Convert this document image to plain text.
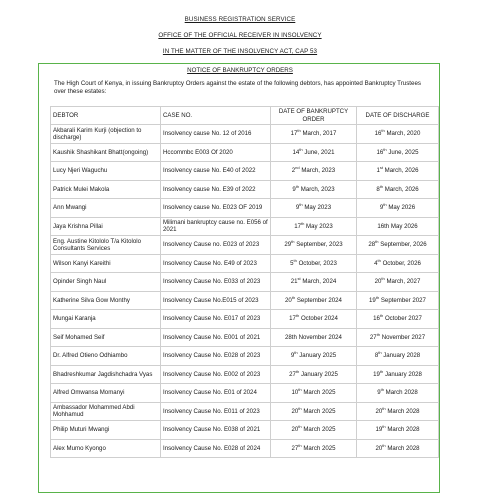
BUSINESS REGISTRATION SERVICE
OFFICE OF THE OFFICIAL RECEIVER IN INSOLVENCY
IN THE MATTER OF THE INSOLVENCY ACT, CAP 53
NOTICE OF BANKRUPTCY ORDERS
The High Court of Kenya, in issuing Bankruptcy Orders against the estate of the following debtors, has appointed Bankruptcy Trustees over these estates:
DEBTOR	CASE NO.	DATE OF BANKRUPTCY ORDER	DATE OF DISCHARGE
Akbarali Karim Kurji (objection to discharge)	Insolvency cause No. 12 of 2016	17th March, 2017	16th March, 2020
Kaushik Shashikant Bhatt(ongoing)	Hccommbc E003 Of 2020	14th June, 2021	16th June, 2025
Lucy Njeri Waguchu	Insolvency cause No. E40 of 2022	2nd March, 2023	1st March, 2026
Patrick Mulei Makola	Insolvency cause No. E39 of 2022	9th March, 2023	8th March, 2026
Ann Mwangi	Insolvency cause No. E023 OF 2019	9th May 2023	9th May 2026
Jaya Krishna Pillai	Milimani bankruptcy cause no. E056 of 2021	17th May 2023	16th May 2026
Eng. Austine Kitololo T/a Kitololo Consultants Services	Insolvency Cause no. E023 of 2023	29th September, 2023	28th September, 2026
Wilson Kanyi Kareithi	Insolvency Cause No. E49 of 2023	5th October, 2023	4th October, 2026
Opinder Singh Naul	Insolvency Cause No. E033 of 2023	21st March, 2024	20th March, 2027
Katherine Silva Gow Monthy	Insolvency Cause No.E015 of 2023	20th September 2024	19th September 2027
Mungai Karanja	Insolvency Cause No. E017 of 2023	17th October 2024	16th October 2027
Seif Mohamed Seif	Insolvency Cause No. E001 of 2021	28th November 2024	27th November 2027
Dr. Alfred Otieno Odhiambo	Insolvency Cause No. E028 of 2023	9th January 2025	8th January 2028
Bhadreshkumar Jagdishchadra Vyas	Insolvency Cause No. E002 of 2023	27th January 2025	19th January 2028
Alfred Omwansa Momanyi	Insolvency Cause No. E01 of 2024	10th March 2025	9th March 2028
Ambassador Mohammed Abdi Mohhamud	Insolvency Cause No. E011 of 2023	20th March 2025	20th March 2028
Philip Muturi Mwangi	Insolvency Cause No. E038 of 2021	20th March 2025	19th March 2028
Alex Mumo Kyongo	Insolvency Cause No. E028 of 2024	27th March 2025	20th March 2028
